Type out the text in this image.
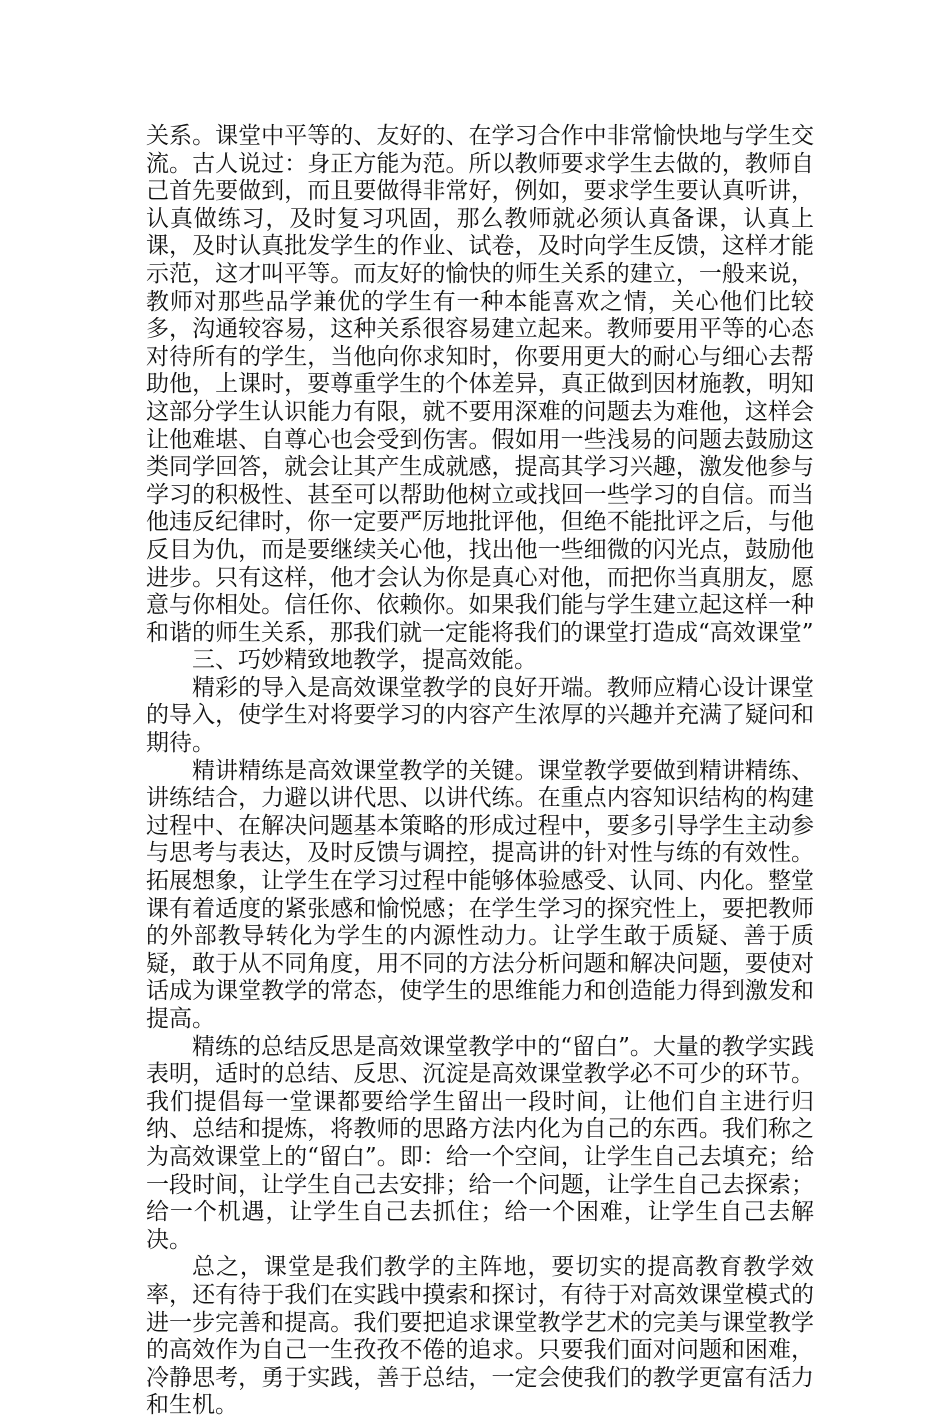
关系。课堂中平等的、友好的、在学习合作中非常愉快地与学生交流。古人说过：身正方能为范。所以教师要求学生去做的，教师自己首先要做到，而且要做得非常好，例如，要求学生要认真听讲，认真做练习，及时复习巩固，那么教师就必须认真备课，认真上课，及时认真批发学生的作业、试卷，及时向学生反馈，这样才能示范，这才叫平等。而友好的愉快的师生关系的建立，一般来说，教师对那些品学兼优的学生有一种本能喜欢之情，关心他们比较多，沟通较容易，这种关系很容易建立起来。教师要用平等的心态对待所有的学生，当他向你求知时，你要用更大的耐心与细心去帮助他，上课时，要尊重学生的个体差异，真正做到因材施教，明知这部分学生认识能力有限，就不要用深难的问题去为难他，这样会让他难堪、自尊心也会受到伤害。假如用一些浅易的问题去鼓励这类同学回答，就会让其产生成就感，提高其学习兴趣，激发他参与学习的积极性、甚至可以帮助他树立或找回一些学习的自信。而当他违反纪律时，你一定要严厉地批评他，但绝不能批评之后，与他反目为仇，而是要继续关心他，找出他一些细微的闪光点，鼓励他进步。只有这样，他才会认为你是真心对他，而把你当真朋友，愿意与你相处。信任你、依赖你。如果我们能与学生建立起这样一种和谐的师生关系，那我们就一定能将我们的课堂打造成“高效课堂”

三、巧妙精致地教学，提高效能。

精彩的导入是高效课堂教学的良好开端。教师应精心设计课堂的导入，使学生对将要学习的内容产生浓厚的兴趣并充满了疑问和期待。

精讲精练是高效课堂教学的关键。课堂教学要做到精讲精练、讲练结合，力避以讲代思、以讲代练。在重点内容知识结构的构建过程中、在解决问题基本策略的形成过程中，要多引导学生主动参与思考与表达，及时反馈与调控，提高讲的针对性与练的有效性。拓展想象，让学生在学习过程中能够体验感受、认同、内化。整堂课有着适度的紧张感和愉悦感；在学生学习的探究性上，要把教师的外部教导转化为学生的内源性动力。让学生敢于质疑、善于质疑，敢于从不同角度，用不同的方法分析问题和解决问题，要使对话成为课堂教学的常态，使学生的思维能力和创造能力得到激发和提高。

精练的总结反思是高效课堂教学中的“留白”。大量的教学实践表明，适时的总结、反思、沉淀是高效课堂教学必不可少的环节。我们提倡每一堂课都要给学生留出一段时间，让他们自主进行归纳、总结和提炼，将教师的思路方法内化为自己的东西。我们称之为高效课堂上的“留白”。即：给一个空间，让学生自己去填充；给一段时间，让学生自己去安排；给一个问题，让学生自己去探索；给一个机遇，让学生自己去抓住；给一个困难，让学生自己去解决。

总之，课堂是我们教学的主阵地，要切实的提高教育教学效率，还有待于我们在实践中摸索和探讨，有待于对高效课堂模式的进一步完善和提高。我们要把追求课堂教学艺术的完美与课堂教学的高效作为自己一生孜孜不倦的追求。只要我们面对问题和困难，冷静思考，勇于实践，善于总结，一定会使我们的教学更富有活力和生机。
